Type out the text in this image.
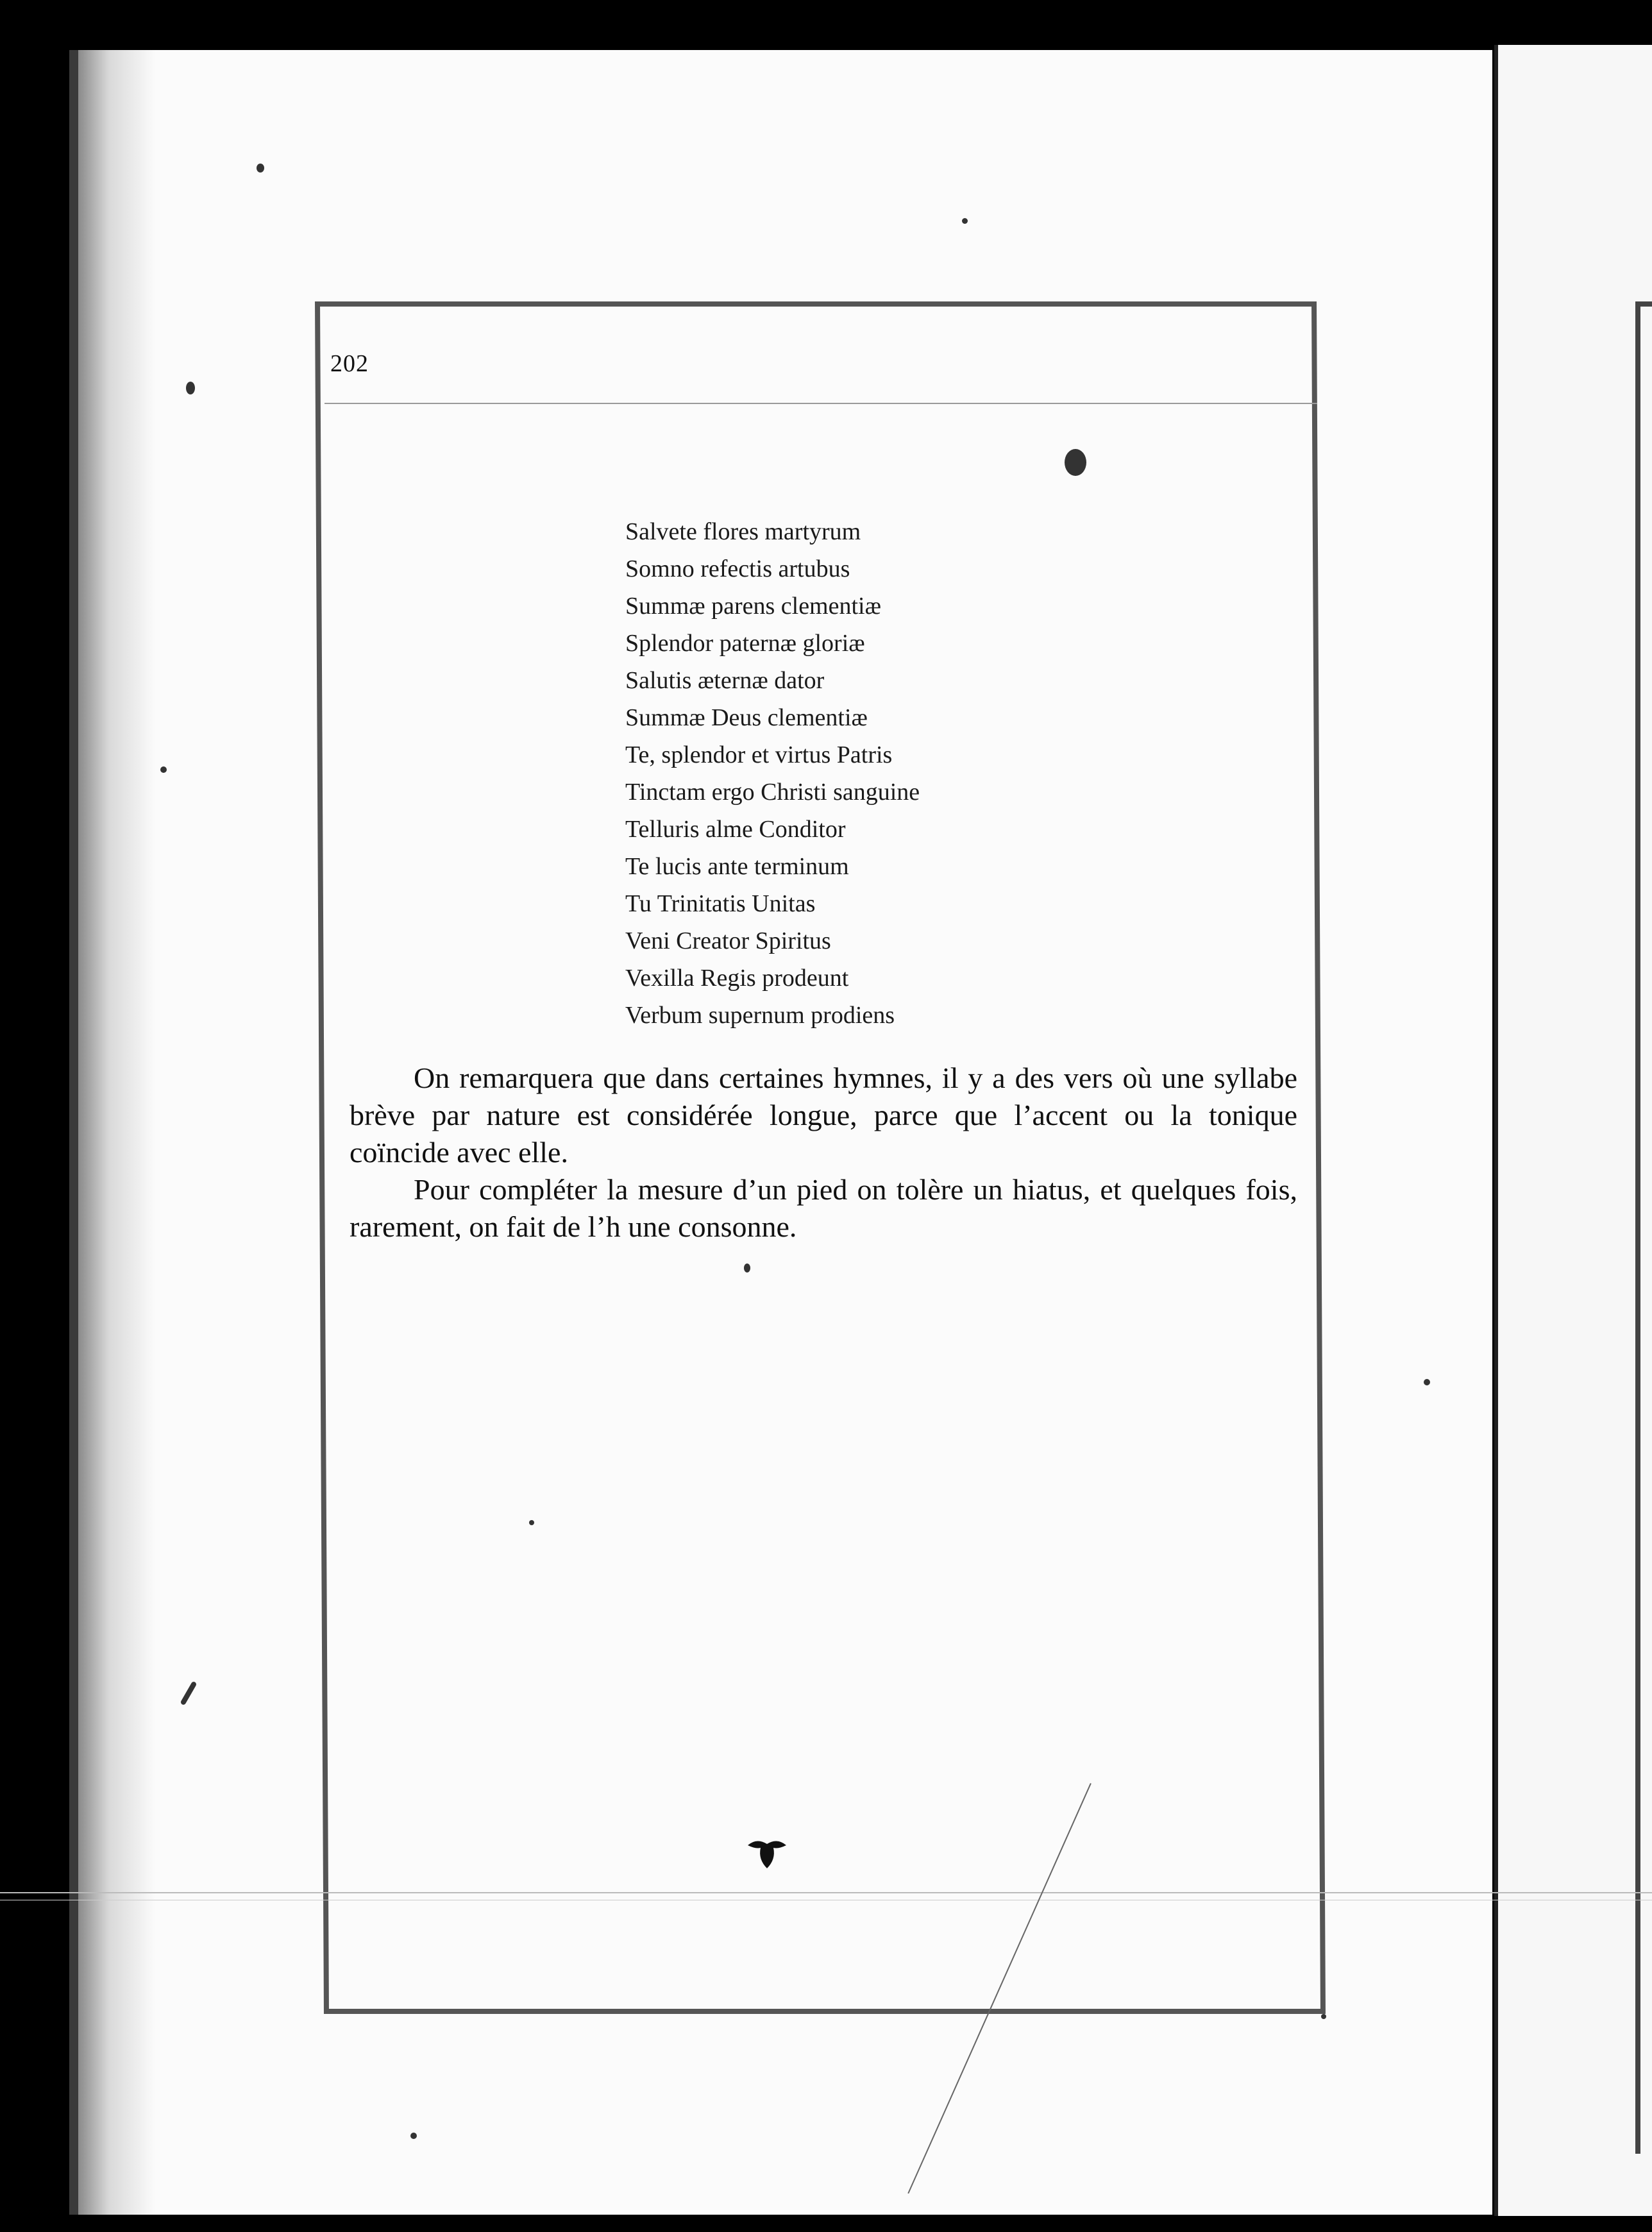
202
Salvete flores martyrum
Somno refectis artubus
Summæ parens clementiæ
Splendor paternæ gloriæ
Salutis æternæ dator
Summæ Deus clementiæ
Te, splendor et virtus Patris
Tinctam ergo Christi sanguine
Telluris alme Conditor
Te lucis ante terminum
Tu Trinitatis Unitas
Veni Creator Spiritus
Vexilla Regis prodeunt
Verbum supernum prodiens

On remarquera que dans certaines hymnes, il y a des vers où une syllabe brève par nature est considérée longue, parce que l’accent ou la tonique coïncide avec elle.

Pour compléter la mesure d’un pied on tolère un hiatus, et quelques fois, rarement, on fait de l’h une consonne.
